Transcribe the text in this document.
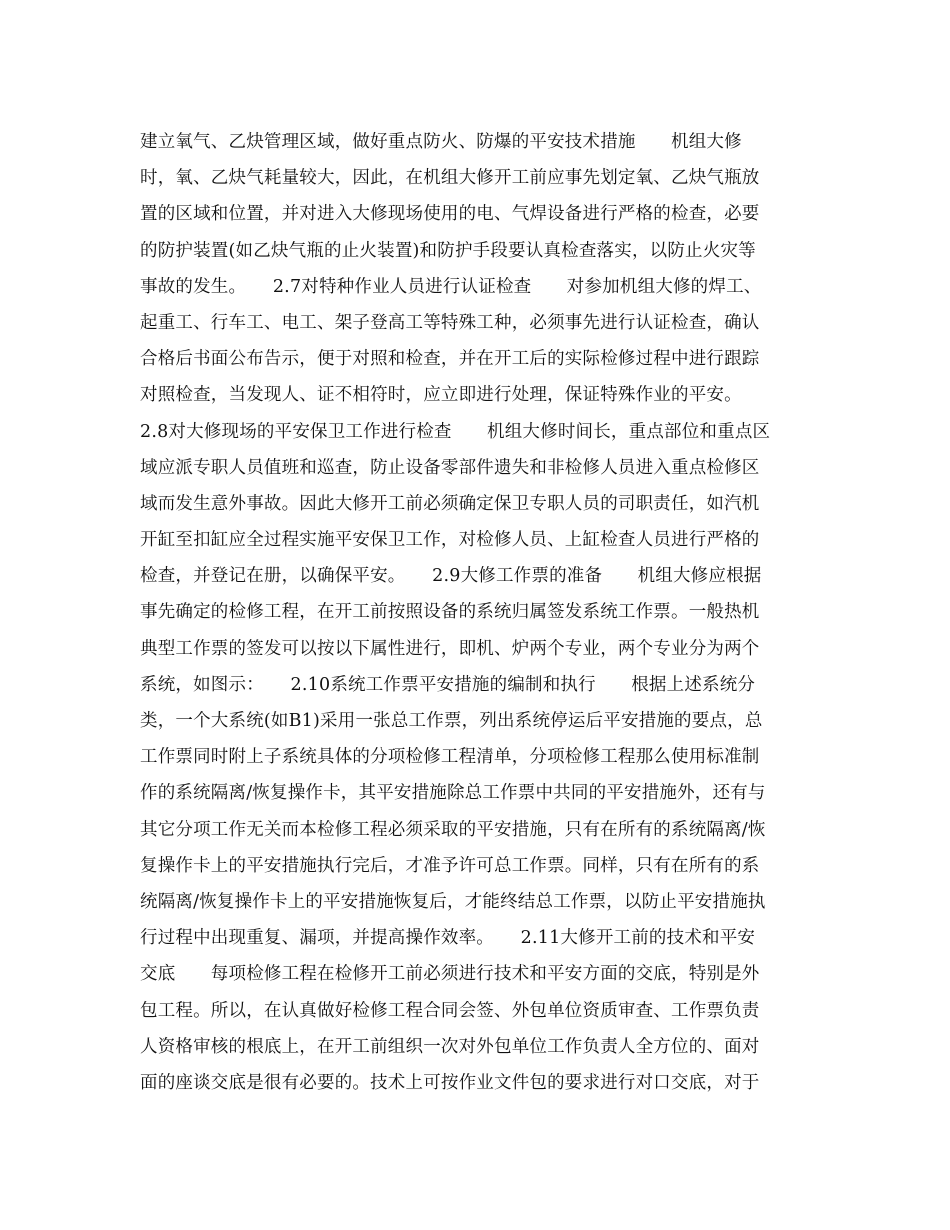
建立氧气、乙炔管理区域，做好重点防火、防爆的平安技术措施　　机组大修
时，氧、乙炔气耗量较大，因此，在机组大修开工前应事先划定氧、乙炔气瓶放
置的区域和位置，并对进入大修现场使用的电、气焊设备进行严格的检查，必要
的防护装置(如乙炔气瓶的止火装置)和防护手段要认真检查落实，以防止火灾等
事故的发生。　　2.7对特种作业人员进行认证检查　　对参加机组大修的焊工、
起重工、行车工、电工、架子登高工等特殊工种，必须事先进行认证检查，确认
合格后书面公布告示，便于对照和检查，并在开工后的实际检修过程中进行跟踪
对照检查，当发现人、证不相符时，应立即进行处理，保证特殊作业的平安。
2.8对大修现场的平安保卫工作进行检查　　机组大修时间长，重点部位和重点区
域应派专职人员值班和巡查，防止设备零部件遗失和非检修人员进入重点检修区
域而发生意外事故。因此大修开工前必须确定保卫专职人员的司职责任，如汽机
开缸至扣缸应全过程实施平安保卫工作，对检修人员、上缸检查人员进行严格的
检查，并登记在册，以确保平安。　　2.9大修工作票的准备　　机组大修应根据
事先确定的检修工程，在开工前按照设备的系统归属签发系统工作票。一般热机
典型工作票的签发可以按以下属性进行，即机、炉两个专业，两个专业分为两个
系统，如图示：　　2.10系统工作票平安措施的编制和执行　　根据上述系统分
类，一个大系统(如B1)采用一张总工作票，列出系统停运后平安措施的要点，总
工作票同时附上子系统具体的分项检修工程清单，分项检修工程那么使用标准制
作的系统隔离/恢复操作卡，其平安措施除总工作票中共同的平安措施外，还有与
其它分项工作无关而本检修工程必须采取的平安措施，只有在所有的系统隔离/恢
复操作卡上的平安措施执行完后，才准予许可总工作票。同样，只有在所有的系
统隔离/恢复操作卡上的平安措施恢复后，才能终结总工作票，以防止平安措施执
行过程中出现重复、漏项，并提高操作效率。　　2.11大修开工前的技术和平安
交底　　每项检修工程在检修开工前必须进行技术和平安方面的交底，特别是外
包工程。所以，在认真做好检修工程合同会签、外包单位资质审查、工作票负责
人资格审核的根底上，在开工前组织一次对外包单位工作负责人全方位的、面对
面的座谈交底是很有必要的。技术上可按作业文件包的要求进行对口交底，对于
